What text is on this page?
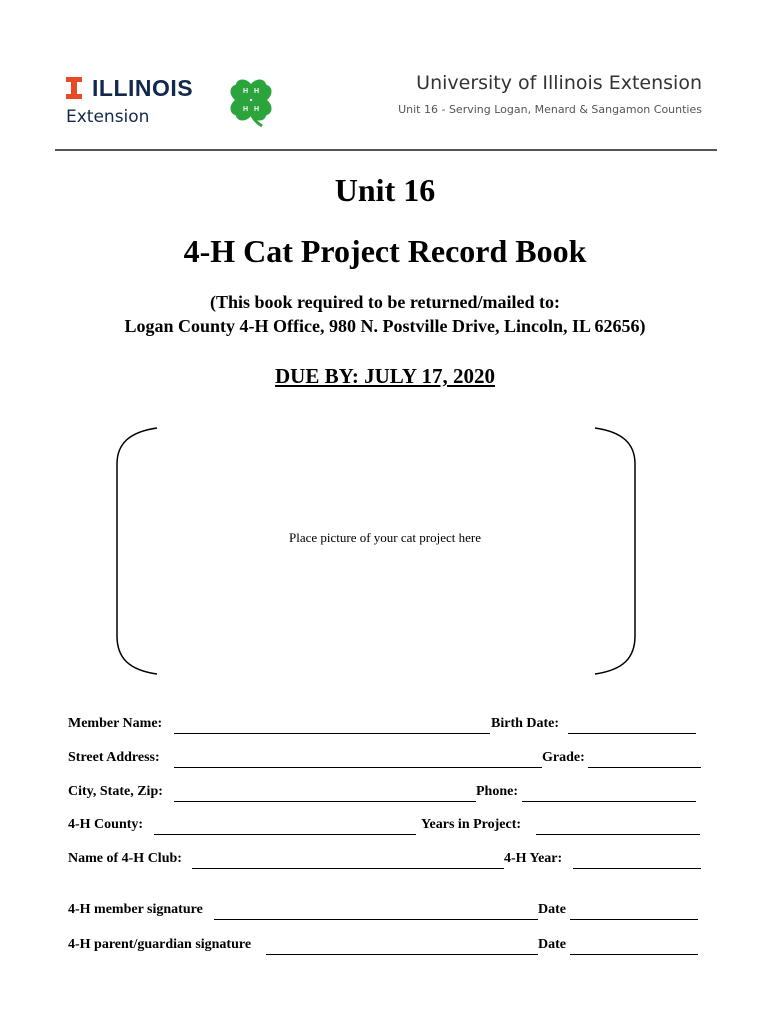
ILLINOIS
Extension
H H
H H
University of Illinois Extension
Unit 16 - Serving Logan, Menard & Sangamon Counties
Unit 16
4-H Cat Project Record Book
(This book required to be returned/mailed to:
Logan County 4-H Office, 980 N. Postville Drive, Lincoln, IL 62656)
DUE BY: JULY 17, 2020
Place picture of your cat project here
Member Name:	Birth Date:
Street Address:	Grade:
City, State, Zip:	Phone:
4-H County:	Years in Project:
Name of 4-H Club:	4-H Year:
4-H member signature	Date
4-H parent/guardian signature	Date
